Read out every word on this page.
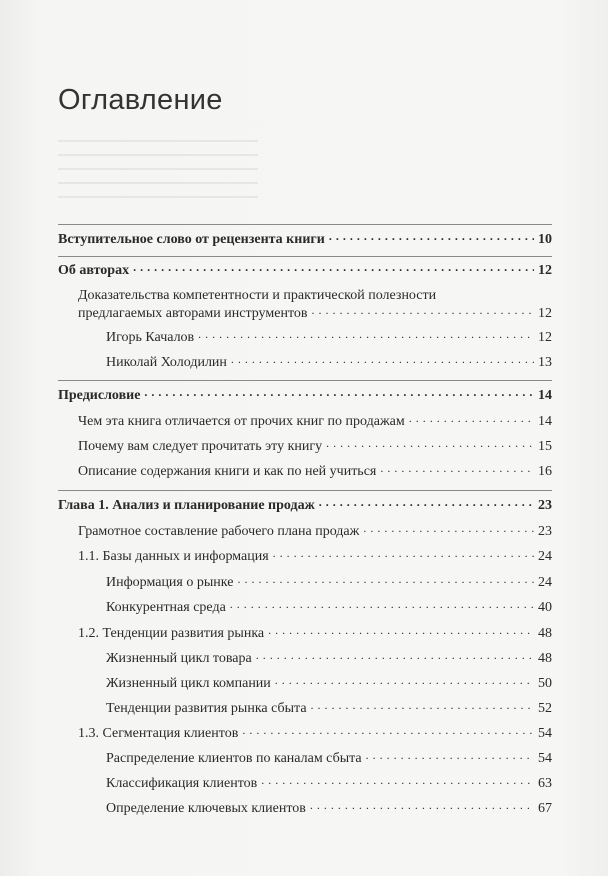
Оглавление
Вступительное слово от рецензента книги . . .	10
Об авторах . . .	12
Доказательства компетентности и практической полезности
предлагаемых авторами инструментов . . .	12
Игорь Качалов . . .	12
Николай Холодилин . . .	13
Предисловие . . .	14
Чем эта книга отличается от прочих книг по продажам . . .	14
Почему вам следует прочитать эту книгу . . .	15
Описание содержания книги и как по ней учиться . . .	16
Глава 1. Анализ и планирование продаж . . .	23
Грамотное составление рабочего плана продаж . . .	23
1.1. Базы данных и информация . . .	24
Информация о рынке . . .	24
Конкурентная среда . . .	40
1.2. Тенденции развития рынка . . .	48
Жизненный цикл товара . . .	48
Жизненный цикл компании . . .	50
Тенденции развития рынка сбыта . . .	52
1.3. Сегментация клиентов . . .	54
Распределение клиентов по каналам сбыта . . .	54
Классификация клиентов . . .	63
Определение ключевых клиентов . . .	67
